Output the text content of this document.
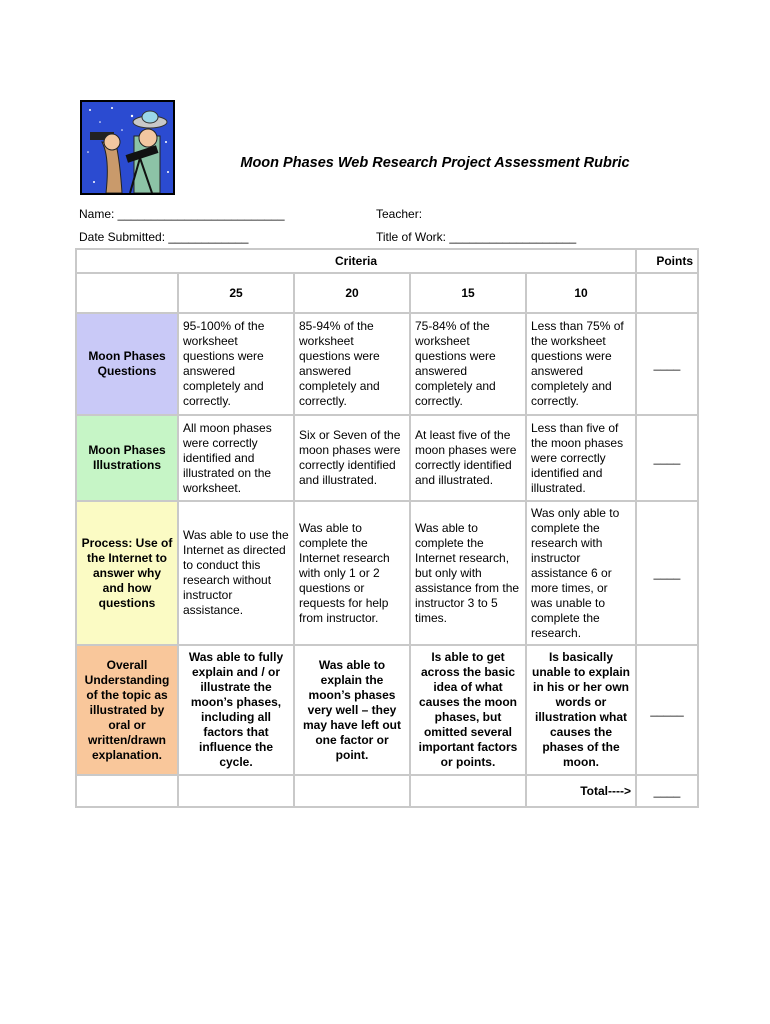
Moon Phases Web Research Project Assessment Rubric
Name: _________________________	Teacher:
Date Submitted: ____________	Title of Work: ___________________
Criteria					Points
	25	20	15	10	
Moon Phases Questions	95-100% of the worksheet questions were answered completely and correctly.	85-94% of the worksheet questions were answered completely and correctly.	75-84% of the worksheet questions were answered completely and correctly.	Less than 75% of the worksheet questions were answered completely and correctly.	____
Moon Phases Illustrations	All moon phases were correctly identified and illustrated on the worksheet.	Six or Seven of the moon phases were correctly identified and illustrated.	At least five of the moon phases were correctly identified and illustrated.	Less than five of the moon phases were correctly identified and illustrated.	____
Process: Use of the Internet to answer why and how questions	Was able to use the Internet as directed to conduct this research without instructor assistance.	Was able to complete the Internet research with only 1 or 2 questions or requests for help from instructor.	Was able to complete the Internet research, but only with assistance from the instructor 3 to 5 times.	Was only able to complete the research with instructor assistance 6 or more times, or was unable to complete the research.	____
Overall Understanding of the topic as illustrated by oral or written/drawn explanation.	Was able to fully explain and / or illustrate the moon’s phases, including all factors that influence the cycle.	Was able to explain the moon’s phases very well – they may have left out one factor or point.	Is able to get across the basic idea of what causes the moon phases, but omitted several important factors or points.	Is basically unable to explain in his or her own words or illustration what causes the phases of the moon.	_____
				Total---->	____
